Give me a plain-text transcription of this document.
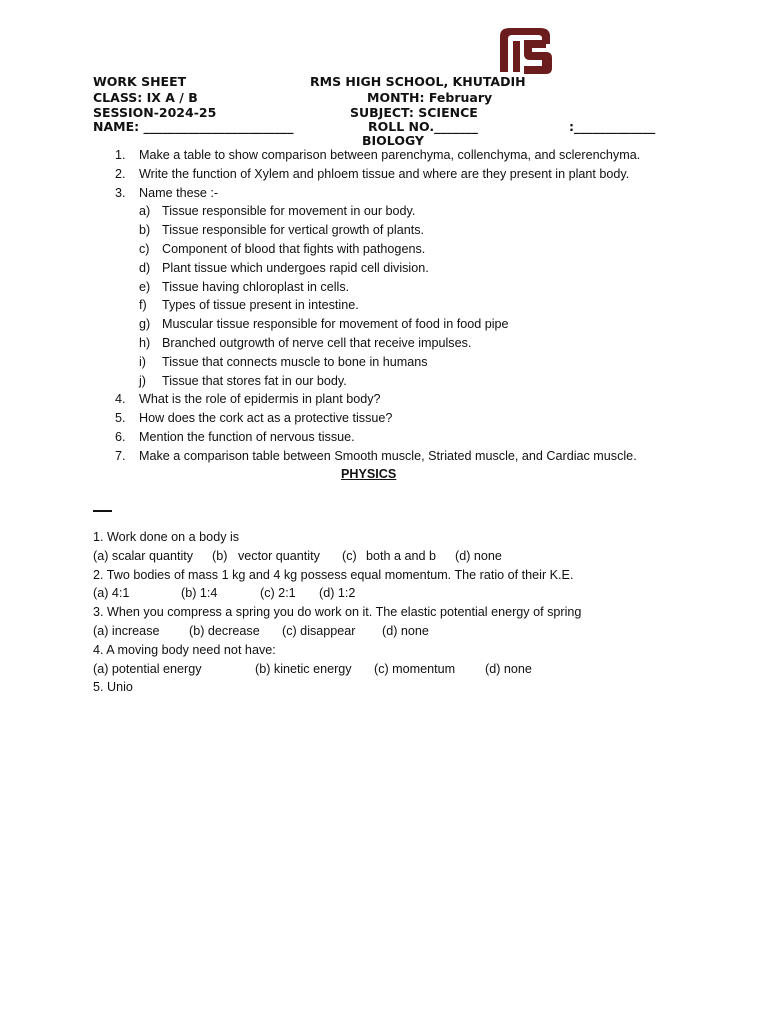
WORK SHEET	RMS HIGH SCHOOL, KHUTADIH
CLASS: IX A / B	MONTH: February
SESSION-2024-25	SUBJECT: SCIENCE
NAME: ________________________	ROLL NO._______	:_____________
BIOLOGY
1. Make a table to show comparison between parenchyma, collenchyma, and sclerenchyma.
2. Write the function of Xylem and phloem tissue and where are they present in plant body.
3. Name these :-
a) Tissue responsible for movement in our body.
b) Tissue responsible for vertical growth of plants.
c) Component of blood that fights with pathogens.
d) Plant tissue which undergoes rapid cell division.
e) Tissue having chloroplast in cells.
f) Types of tissue present in intestine.
g) Muscular tissue responsible for movement of food in food pipe
h) Branched outgrowth of nerve cell that receive impulses.
i) Tissue that connects muscle to bone in humans
j) Tissue that stores fat in our body.
4. What is the role of epidermis in plant body?
5. How does the cork act as a protective tissue?
6. Mention the function of nervous tissue.
7. Make a comparison table between Smooth muscle, Striated muscle, and Cardiac muscle.
PHYSICS
1. Work done on a body is
(a) scalar quantity (b) vector quantity (c) both a and b (d) none
2. Two bodies of mass 1 kg and 4 kg possess equal momentum. The ratio of their K.E.
(a) 4:1	(b) 1:4	(c) 2:1 (d) 1:2
3. When you compress a spring you do work on it. The elastic potential energy of spring
(a) increase (b) decrease (c) disappear (d) none
4. A moving body need not have:
(a) potential energy	(b) kinetic energy (c) momentum (d) none
5. Unio
